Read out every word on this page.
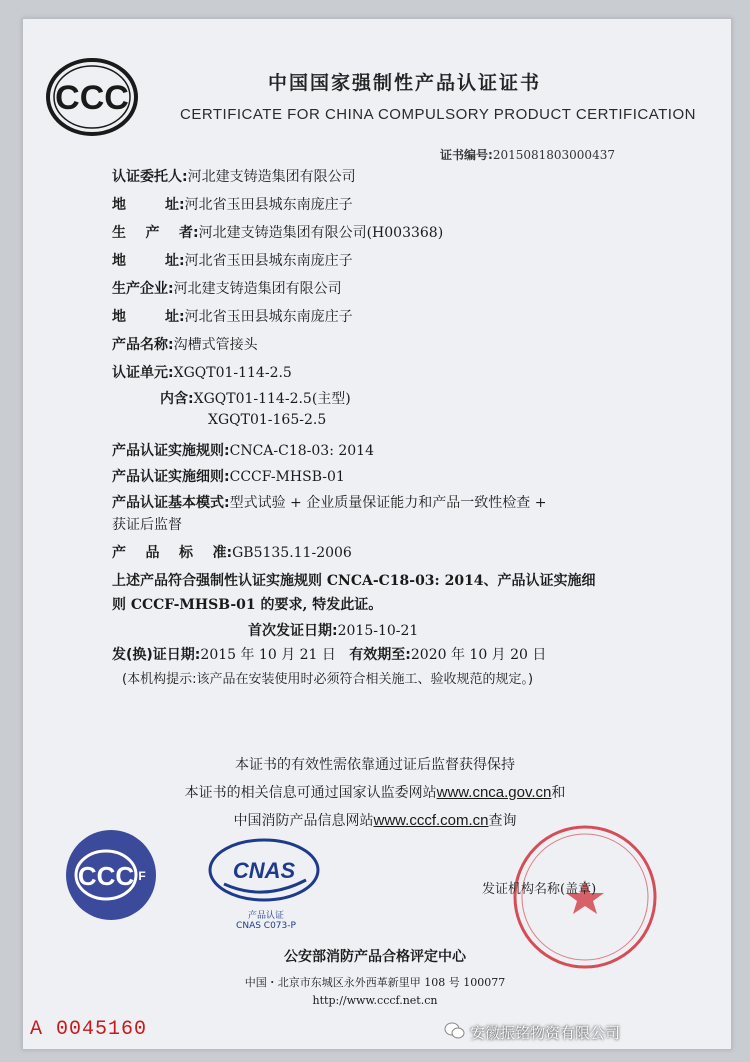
CCC	中国国家强制性产品认证证书
CERTIFICATE FOR CHINA COMPULSORY PRODUCT CERTIFICATION
证书编号:2015081803000437
认证委托人:河北建支铸造集团有限公司
地        址:河北省玉田县城东南庞庄子
生    产    者:河北建支铸造集团有限公司(H003368)
地        址:河北省玉田县城东南庞庄子
生产企业:河北建支铸造集团有限公司
地        址:河北省玉田县城东南庞庄子
产品名称:沟槽式管接头
认证单元:XGQT01-114-2.5
内含:XGQT01-114-2.5(主型)
XGQT01-165-2.5
产品认证实施规则:CNCA-C18-03: 2014
产品认证实施细则:CCCF-MHSB-01
产品认证基本模式:型式试验 + 企业质量保证能力和产品一致性检查 +
获证后监督
产    品    标    准:GB5135.11-2006
上述产品符合强制性认证实施规则 CNCA-C18-03: 2014、产品认证实施细
则 CCCF-MHSB-01 的要求, 特发此证。
首次发证日期:2015-10-21
发(换)证日期:2015 年 10 月 21 日 有效期至:2020 年 10 月 20 日
(本机构提示:该产品在安装使用时必须符合相关施工、验收规范的规定。)
本证书的有效性需依靠通过证后监督获得保持
本证书的相关信息可通过国家认监委网站www.cnca.gov.cn和
中国消防产品信息网站www.cccf.com.cn查询
CCC F	CNAS
产品认证
CNAS C073-P
发证机构名称(盖章)
公安部消防产品合格评定中心
中国・北京市东城区永外西革新里甲 108 号 100077
http://www.cccf.net.cn
A 0045160	安徽振铭物资有限公司
